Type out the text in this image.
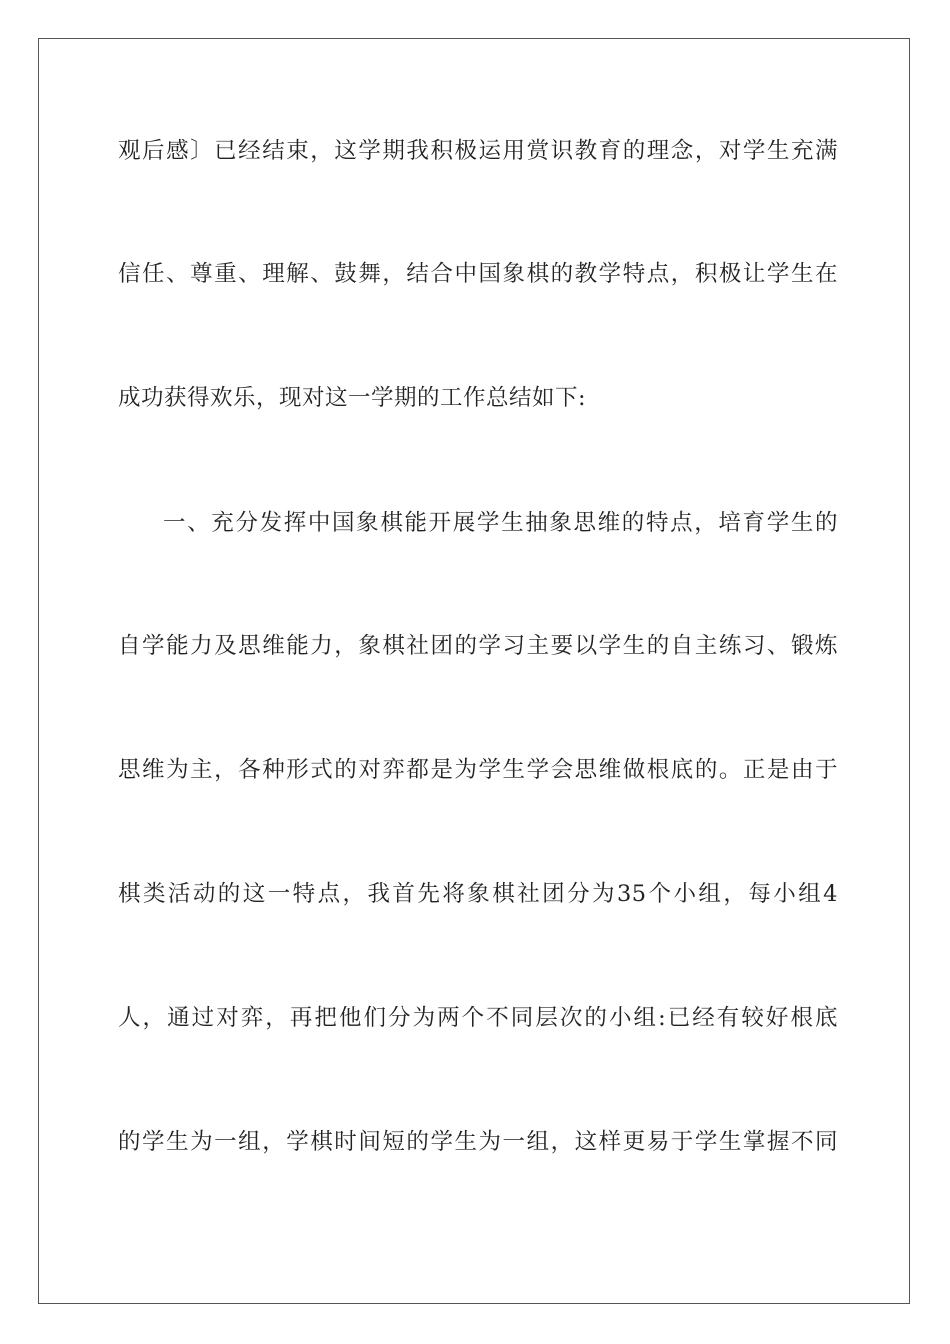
观后感〕已经结束，这学期我积极运用赏识教育的理念，对学生充满
信任、尊重、理解、鼓舞，结合中国象棋的教学特点，积极让学生在
成功获得欢乐，现对这一学期的工作总结如下:
一、充分发挥中国象棋能开展学生抽象思维的特点，培育学生的
自学能力及思维能力，象棋社团的学习主要以学生的自主练习、锻炼
思维为主，各种形式的对弈都是为学生学会思维做根底的。正是由于
棋类活动的这一特点，我首先将象棋社团分为35个小组，每小组4
人，通过对弈，再把他们分为两个不同层次的小组:已经有较好根底
的学生为一组，学棋时间短的学生为一组，这样更易于学生掌握不同
